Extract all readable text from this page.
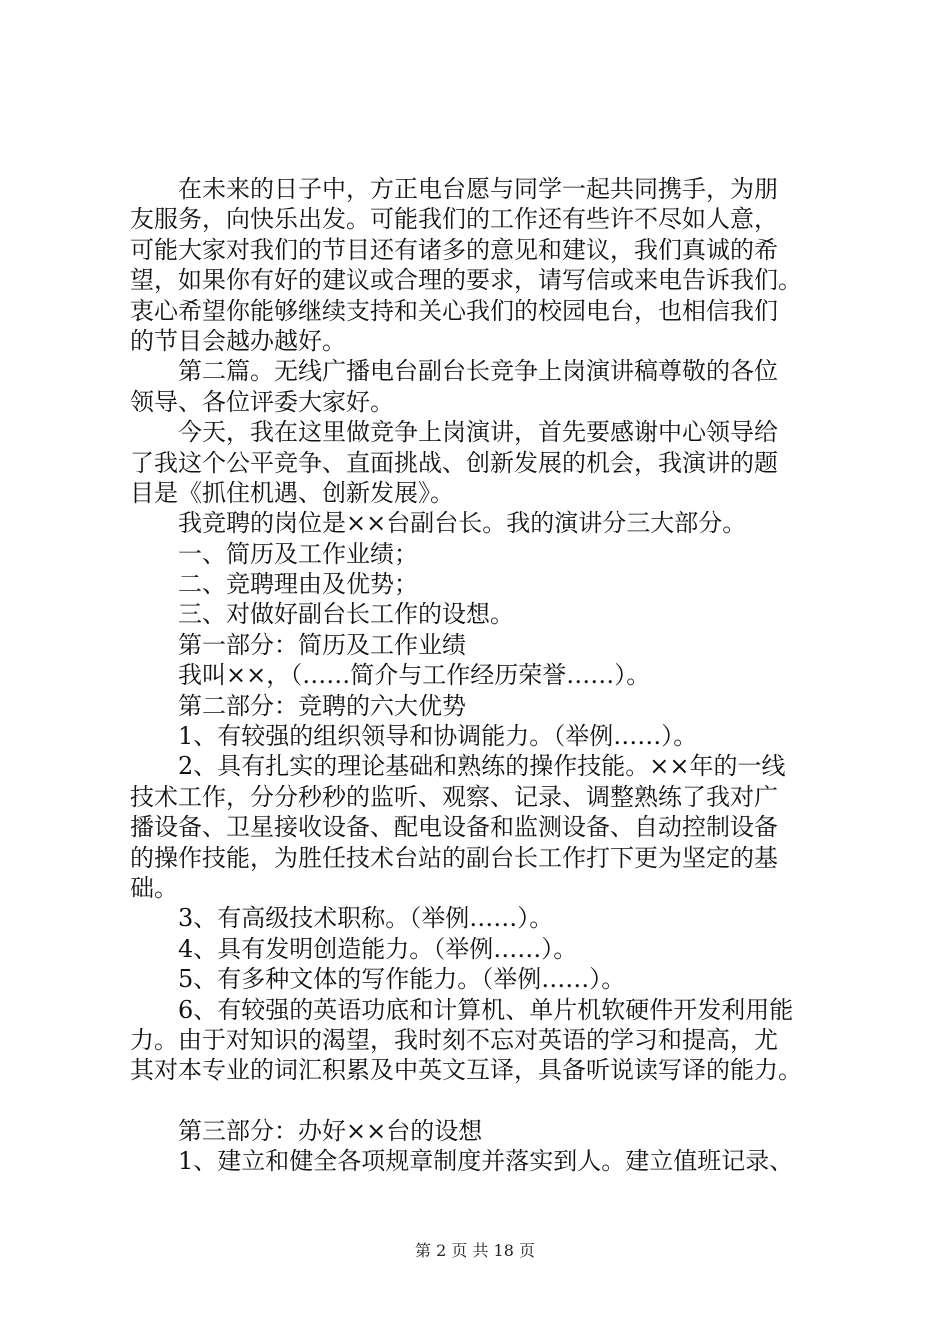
在未来的日子中，方正电台愿与同学一起共同携手，为朋
友服务，向快乐出发。可能我们的工作还有些许不尽如人意，
可能大家对我们的节目还有诸多的意见和建议，我们真诚的希
望，如果你有好的建议或合理的要求，请写信或来电告诉我们。
衷心希望你能够继续支持和关心我们的校园电台，也相信我们
的节目会越办越好。
第二篇。无线广播电台副台长竞争上岗演讲稿尊敬的各位
领导、各位评委大家好。
今天，我在这里做竞争上岗演讲，首先要感谢中心领导给
了我这个公平竞争、直面挑战、创新发展的机会，我演讲的题
目是《抓住机遇、创新发展》。
我竞聘的岗位是××台副台长。我的演讲分三大部分。
一、简历及工作业绩；
二、竞聘理由及优势；
三、对做好副台长工作的设想。
第一部分：简历及工作业绩
我叫××，（……简介与工作经历荣誉……）。
第二部分：竞聘的六大优势
1、有较强的组织领导和协调能力。（举例……）。
2、具有扎实的理论基础和熟练的操作技能。××年的一线
技术工作，分分秒秒的监听、观察、记录、调整熟练了我对广
播设备、卫星接收设备、配电设备和监测设备、自动控制设备
的操作技能，为胜任技术台站的副台长工作打下更为坚定的基
础。
3、有高级技术职称。（举例……）。
4、具有发明创造能力。（举例……）。
5、有多种文体的写作能力。（举例……）。
6、有较强的英语功底和计算机、单片机软硬件开发利用能
力。由于对知识的渴望，我时刻不忘对英语的学习和提高，尤
其对本专业的词汇积累及中英文互译，具备听说读写译的能力。
第三部分：办好××台的设想
1、建立和健全各项规章制度并落实到人。建立值班记录、
第 2 页 共 18 页
